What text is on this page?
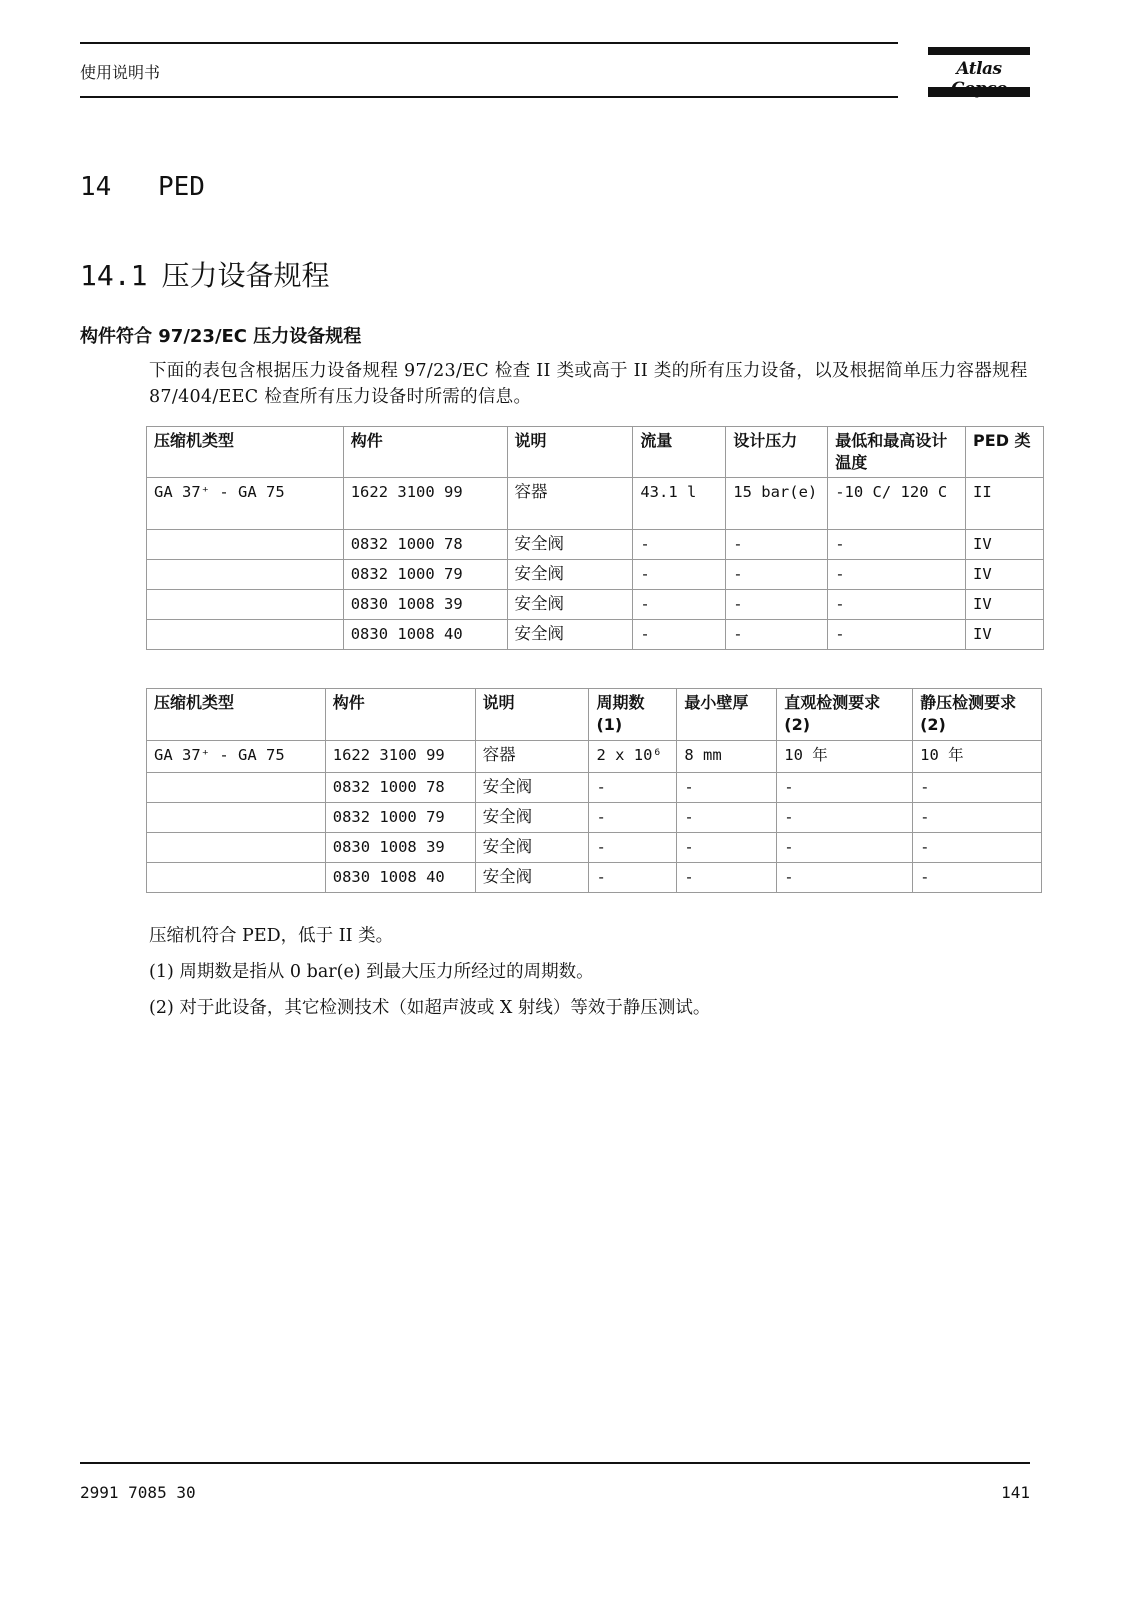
使用说明书	Atlas
14 PED
14.1 压力设备规程
构件符合 97/23/EC 压力设备规程
下面的表包含根据压力设备规程 97/23/EC 检查 II 类或高于 II 类的所有压力设备，以及根据简单压力容器规程 87/404/EEC 检查所有压力设备时所需的信息。
压缩机类型	构件	说明	流量	设计压力	最低和最高设计温度	PED 类
GA 37⁺ - GA 75	1622 3100 99	容器	43.1 l	15 bar(e)	-10 C/ 120 C	II
	0832 1000 78	安全阀	-	-	-	IV
	0832 1000 79	安全阀	-	-	-	IV
	0830 1008 39	安全阀	-	-	-	IV
	0830 1008 40	安全阀	-	-	-	IV
压缩机类型	构件	说明	周期数 (1)	最小壁厚	直观检测要求 (2)	静压检测要求 (2)
GA 37⁺ - GA 75	1622 3100 99	容器	2 x 10⁶	8 mm	10 年	10 年
	0832 1000 78	安全阀	-	-	-	-
	0832 1000 79	安全阀	-	-	-	-
	0830 1008 39	安全阀	-	-	-	-
	0830 1008 40	安全阀	-	-	-	-
压缩机符合 PED，低于 II 类。
(1) 周期数是指从 0 bar(e) 到最大压力所经过的周期数。
(2) 对于此设备，其它检测技术（如超声波或 X 射线）等效于静压测试。
2991 7085 30	141
